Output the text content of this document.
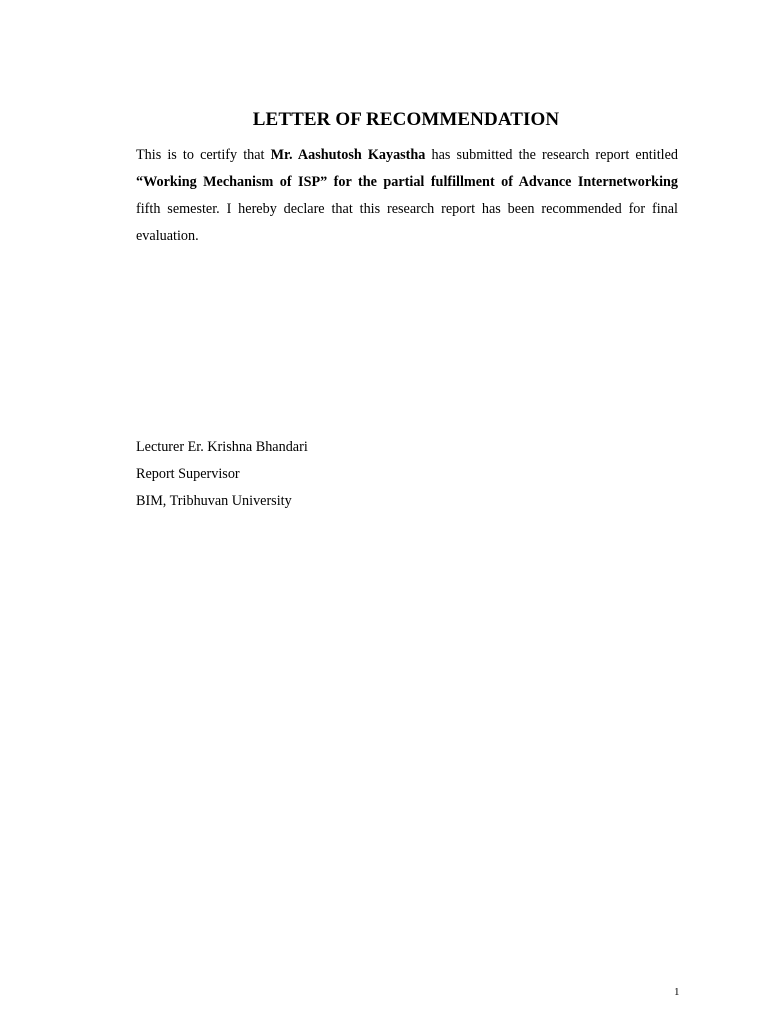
LETTER OF RECOMMENDATION
This is to certify that Mr. Aashutosh Kayastha has submitted the research report entitled
“Working Mechanism of ISP” for the partial fulfillment of Advance Internetworking
fifth semester. I hereby declare that this research report has been recommended for final
evaluation.
Lecturer Er. Krishna Bhandari
Report Supervisor
BIM, Tribhuvan University
1
